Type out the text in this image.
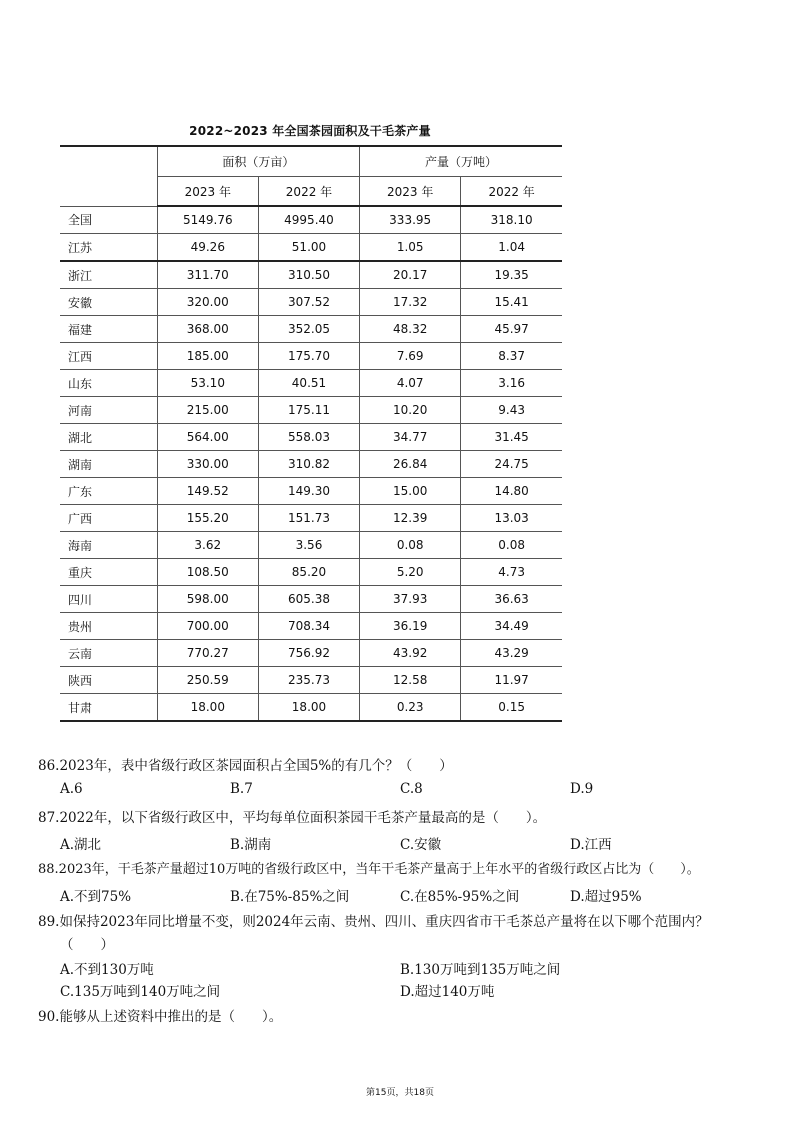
2022~2023 年全国茶园面积及干毛茶产量
	面积（万亩）		产量（万吨）	
	2023 年	2022 年	2023 年	2022 年
全国	5149.76	4995.40	333.95	318.10
江苏	49.26	51.00	1.05	1.04
浙江	311.70	310.50	20.17	19.35
安徽	320.00	307.52	17.32	15.41
福建	368.00	352.05	48.32	45.97
江西	185.00	175.70	7.69	8.37
山东	53.10	40.51	4.07	3.16
河南	215.00	175.11	10.20	9.43
湖北	564.00	558.03	34.77	31.45
湖南	330.00	310.82	26.84	24.75
广东	149.52	149.30	15.00	14.80
广西	155.20	151.73	12.39	13.03
海南	3.62	3.56	0.08	0.08
重庆	108.50	85.20	5.20	4.73
四川	598.00	605.38	37.93	36.63
贵州	700.00	708.34	36.19	34.49
云南	770.27	756.92	43.92	43.29
陕西	250.59	235.73	12.58	11.97
甘肃	18.00	18.00	0.23	0.15
86.2023年，表中省级行政区茶园面积占全国5%的有几个？（　　）
A.6	B.7	C.8	D.9
87.2022年，以下省级行政区中，平均每单位面积茶园干毛茶产量最高的是（　　）。
A.湖北	B.湖南	C.安徽	D.江西
88.2023年，干毛茶产量超过10万吨的省级行政区中，当年干毛茶产量高于上年水平的省级行政区占比为（　　）。
A.不到75%	B.在75%-85%之间	C.在85%-95%之间	D.超过95%
89.如保持2023年同比增量不变，则2024年云南、贵州、四川、重庆四省市干毛茶总产量将在以下哪个范围内？
（　　）
A.不到130万吨	B.130万吨到135万吨之间
C.135万吨到140万吨之间	D.超过140万吨
90.能够从上述资料中推出的是（　　）。
第15页，共18页
